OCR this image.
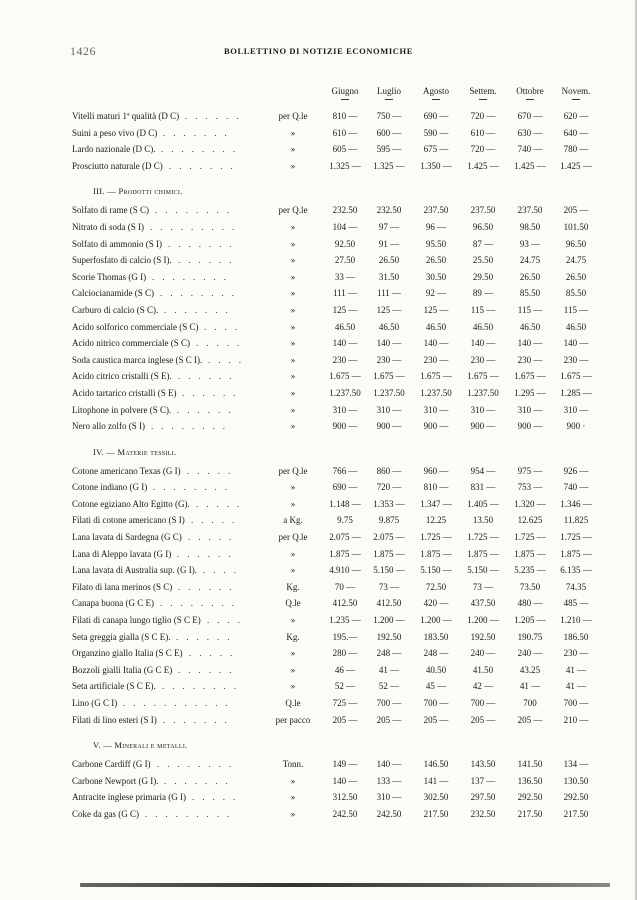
1426	BOLLETTINO DI NOTIZIE ECONOMICHE
Giugno	Luglio	Agosto	Settem.	Ottobre	Novem.
Vitelli maturi 1ª qualità (D C) ......	per Q.le	810 —	750 —	690 —	720 —	670 —	620 —
Suini a peso vivo (D C) .......	»	610 —	600 —	590 —	610 —	630 —	640 —
Lardo nazionale (D C). ........	»	605 —	595 —	675 —	720 —	740 —	780 —
Prosciutto naturale (D C) .......	»	1.325 —	1.325 —	1.350 —	1.425 —	1.425 —	1.425 —
III. — Prodotti chimici.
Solfato di rame (S C) ........	per Q.le	232.50	232.50	237.50	237.50	237.50	205 —
Nitrato di soda (S I) .........	»	104 —	97 —	96 —	96.50	98.50	101.50
Solfato di ammonio (S I) .......	»	92.50	91 —	95.50	87 —	93 —	96.50
Superfosfato di calcio (S I). ......	»	27.50	26.50	26.50	25.50	24.75	24.75
Scorie Thomas (G I) ........	»	33 —	31.50	30.50	29.50	26.50	26.50
Calciocianamide (S C) ........	»	111 —	111 —	92 —	89 —	85.50	85.50
Carburo di calcio (S C). .......	»	125 —	125 —	125 —	115 —	115 —	115 —
Acido solforico commerciale (S C) ....	»	46.50	46.50	46.50	46.50	46.50	46.50
Acido nitrico commerciale (S C) .....	»	140 —	140 —	140 —	140 —	140 —	140 —
Soda caustica marca inglese (S C I). ....	»	230 —	230 —	230 —	230 —	230 —	230 —
Acido citrico cristalli (S E). ......	»	1.675 —	1.675 —	1.675 —	1.675 —	1.675 —	1.675 —
Acido tartarico cristalli (S E) ......	»	1.237.50	1.237.50	1.237.50	1.237.50	1.295 —	1.285 —
Litophone in polvere (S C). ......	»	310 —	310 —	310 —	310 —	310 —	310 —
Nero allo zolfo (S I) ........	»	900 —	900 —	900 —	900 —	900 —	900 ·
IV. — Materie tessili.
Cotone americano Texas (G I) .....	per Q.le	766 —	860 —	960 —	954 —	975 —	926 —
Cotone indiano (G I) ........	»	690 —	720 —	810 —	831 —	753 —	740 —
Cotone egiziano Alto Egitto (G). .....	»	1.148 —	1.353 —	1.347 —	1.405 —	1.320 —	1.346 —
Filati di cotone americano (S I) .....	a Kg.	9.75	9.875	12.25	13.50	12.625	11.825
Lana lavata di Sardegna (G C) .....	per Q.le	2.075 —	2.075 —	1.725 —	1.725 —	1.725 —	1.725 —
Lana di Aleppo lavata (G I) ......	»	1.875 —	1.875 —	1.875 —	1.875 —	1.875 —	1.875 —
Lana lavata di Australia sup. (G I). ....	»	4.910 —	5.150 —	5.150 —	5.150 —	5.235 —	6.135 —
Filato di lana merinos (S C) ......	Kg.	70 —	73 —	72.50	73 —	73.50	74.35
Canapa buona (G C E) ........	Q.le	412.50	412.50	420 —	437.50	480 —	485 —
Filati di canapa lungo tiglio (S C E) ....	»	1.235 —	1.200 —	1.200 —	1.200 —	1.205 —	1.210 —
Seta greggia gialla (S C E). ......	Kg.	195.—	192.50	183.50	192.50	190.75	186.50
Organzino giallo Italia (S C E) .....	»	280 —	248 —	248 —	240 —	240 —	230 —
Bozzoli gialli Italia (G C E) ......	»	46 —	41 —	40.50	41.50	43.25	41 —
Seta artificiale (S C E). ........	»	52 —	52 —	45 —	42 —	41 —	41 —
Lino (G C I) ...........	Q.le	725 —	700 —	700 —	700 —	700	700 —
Filati di lino esteri (S I) .......	per pacco	205 —	205 —	205 —	205 —	205 —	210 —
V. — Minerali e metalli.
Carbone Cardiff (G I) ........	Tonn.	149 —	140 —	146.50	143.50	141.50	134 —
Carbone Newport (G I). .......	»	140 —	133 —	141 —	137 —	136.50	130.50
Antracite inglese primaria (G I) .....	»	312.50	310 —	302.50	297.50	292.50	292.50
Coke da gas (G C) .........	»	242.50	242.50	217.50	232.50	217.50	217.50
